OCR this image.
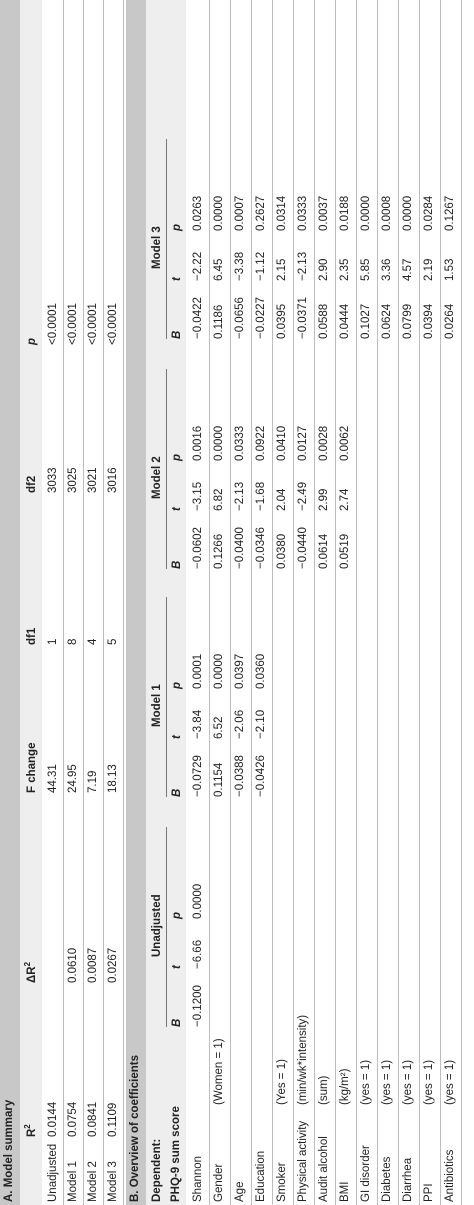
A. Model summary $R^2$
$\Delta R^2$
F change
df1
df2
p
Unadjusted
0.0144
44.31
1
3033
<0.0001
Model 1
0.0754
0.0610
24.95
8
3025
<0.0001
Model 2
0.0841
0.0087
7.19
4
3021
<0.0001
Model 3
0.1109
0.0267
18.13
5
3016
<0.0001
B. Overview of coefficients Dependent: PHQ-9 sum score
Unadjusted
B
t
p
Model 1
B
t
p
Model 2
B
t
p
Model 3
B
t
p
Shannon
−0.1200
−6.66
0.0000
−0.0729
−3.84
0.0001
−0.0602
−3.15
0.0016
−0.0422
−2.22
0.0263
Gender
(Women = 1)
0.1154
6.52
0.0000
0.1266
6.82
0.0000
0.1186
6.45
0.0000
Age
−0.0388
−2.06
0.0397
−0.0400
−2.13
0.0333
−0.0656
−3.38
0.0007
Education
−0.0426
−2.10
0.0360
−0.0346
−1.68
0.0922
−0.0227
−1.12
0.2627
Smoker
(Yes = 1)
0.0380
2.04
0.0410
0.0395
2.15
0.0314
Physical activity
(min/wk*intensity)
−0.0440
−2.49
0.0127
−0.0371
−2.13
0.0333
Audit alcohol
(sum)
0.0614
2.99
0.0028
0.0588
2.90
0.0037
BMI
(kg/m²)
0.0519
2.74
0.0062
0.0444
2.35
0.0188
GI disorder
(yes = 1)
0.1027
5.85
0.0000
Diabetes
(yes = 1)
0.0624
3.36
0.0008
Diarrhea
(yes = 1)
0.0799
4.57
0.0000
PPI
(yes = 1)
0.0394
2.19
0.0284
Antibiotics
(yes = 1)
0.0264
1.53
0.1267
